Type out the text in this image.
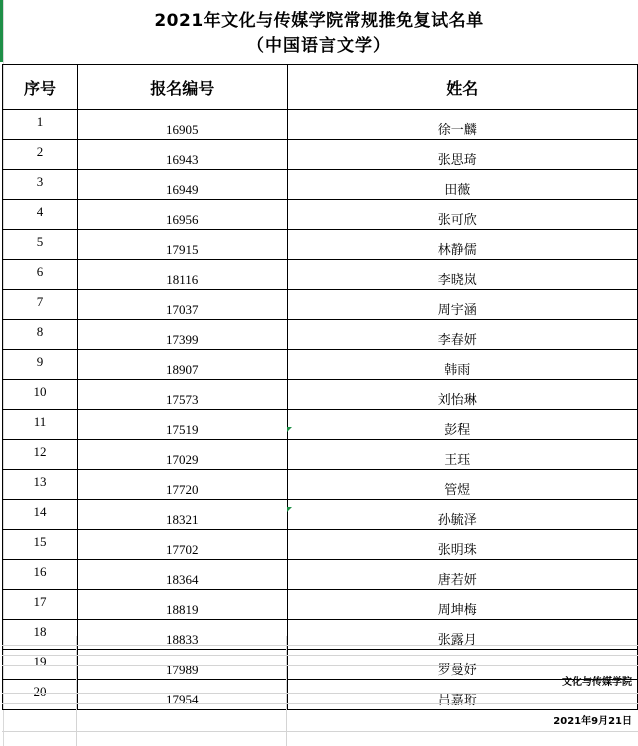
2021年文化与传媒学院常规推免复试名单
（中国语言文学）
序号	报名编号	姓名
1	16905	徐一麟
2	16943	张思琦
3	16949	田薇
4	16956	张可欣
5	17915	林静儒
6	18116	李晓岚
7	17037	周宇涵
8	17399	李春妍
9	18907	韩雨
10	17573	刘怡琳
11	17519	彭程
12	17029	王珏
13	17720	管煜
14	18321	孙毓泽
15	17702	张明珠
16	18364	唐若妍
17	18819	周坤梅
18	18833	张露月
19	17989	罗曼妤
20	17954	吕嘉珩
文化与传媒学院
2021年9月21日
